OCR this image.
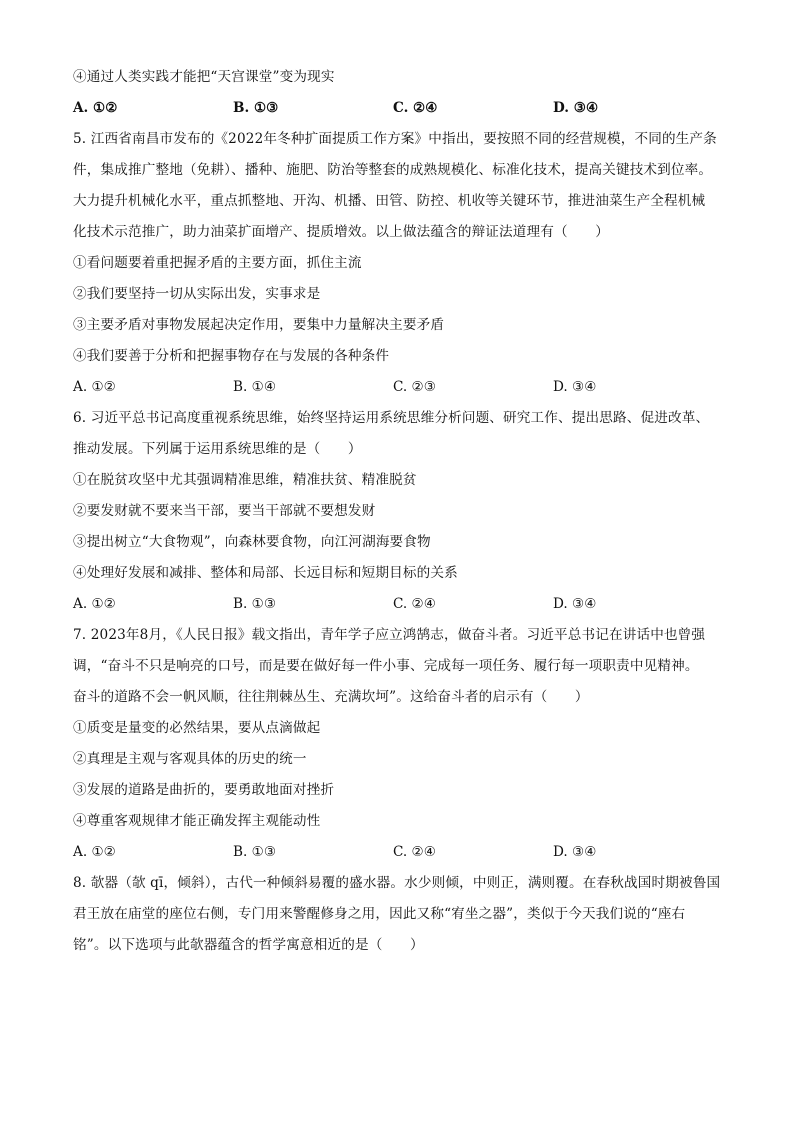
④通过人类实践才能把“天宫课堂”变为现实
A. ①②	B. ①③	C. ②④	D. ③④
5. 江西省南昌市发布的《2022年冬种扩面提质工作方案》中指出，要按照不同的经营规模，不同的生产条
件，集成推广整地（免耕）、播种、施肥、防治等整套的成熟规模化、标准化技术，提高关键技术到位率。
大力提升机械化水平，重点抓整地、开沟、机播、田管、防控、机收等关键环节，推进油菜生产全程机械
化技术示范推广，助力油菜扩面增产、提质增效。以上做法蕴含的辩证法道理有（　　）
①看问题要着重把握矛盾的主要方面，抓住主流
②我们要坚持一切从实际出发，实事求是
③主要矛盾对事物发展起决定作用，要集中力量解决主要矛盾
④我们要善于分析和把握事物存在与发展的各种条件
A. ①②	B. ①④	C. ②③	D. ③④
6. 习近平总书记高度重视系统思维，始终坚持运用系统思维分析问题、研究工作、提出思路、促进改革、
推动发展。下列属于运用系统思维的是（　　）
①在脱贫攻坚中尤其强调精准思维，精准扶贫、精准脱贫
②要发财就不要来当干部，要当干部就不要想发财
③提出树立“大食物观”，向森林要食物，向江河湖海要食物
④处理好发展和减排、整体和局部、长远目标和短期目标的关系
A. ①②	B. ①③	C. ②④	D. ③④
7. 2023年8月，《人民日报》载文指出，青年学子应立鸿鹄志，做奋斗者。习近平总书记在讲话中也曾强
调，“奋斗不只是响亮的口号，而是要在做好每一件小事、完成每一项任务、履行每一项职责中见精神。
奋斗的道路不会一帆风顺，往往荆棘丛生、充满坎坷”。这给奋斗者的启示有（　　）
①质变是量变的必然结果，要从点滴做起
②真理是主观与客观具体的历史的统一
③发展的道路是曲折的，要勇敢地面对挫折
④尊重客观规律才能正确发挥主观能动性
A. ①②	B. ①③	C. ②④	D. ③④
8. 欹器（欹 qī，倾斜），古代一种倾斜易覆的盛水器。水少则倾，中则正，满则覆。在春秋战国时期被鲁国
君王放在庙堂的座位右侧，专门用来警醒修身之用，因此又称“宥坐之器”，类似于今天我们说的“座右
铭”。以下选项与此欹器蕴含的哲学寓意相近的是（　　）
